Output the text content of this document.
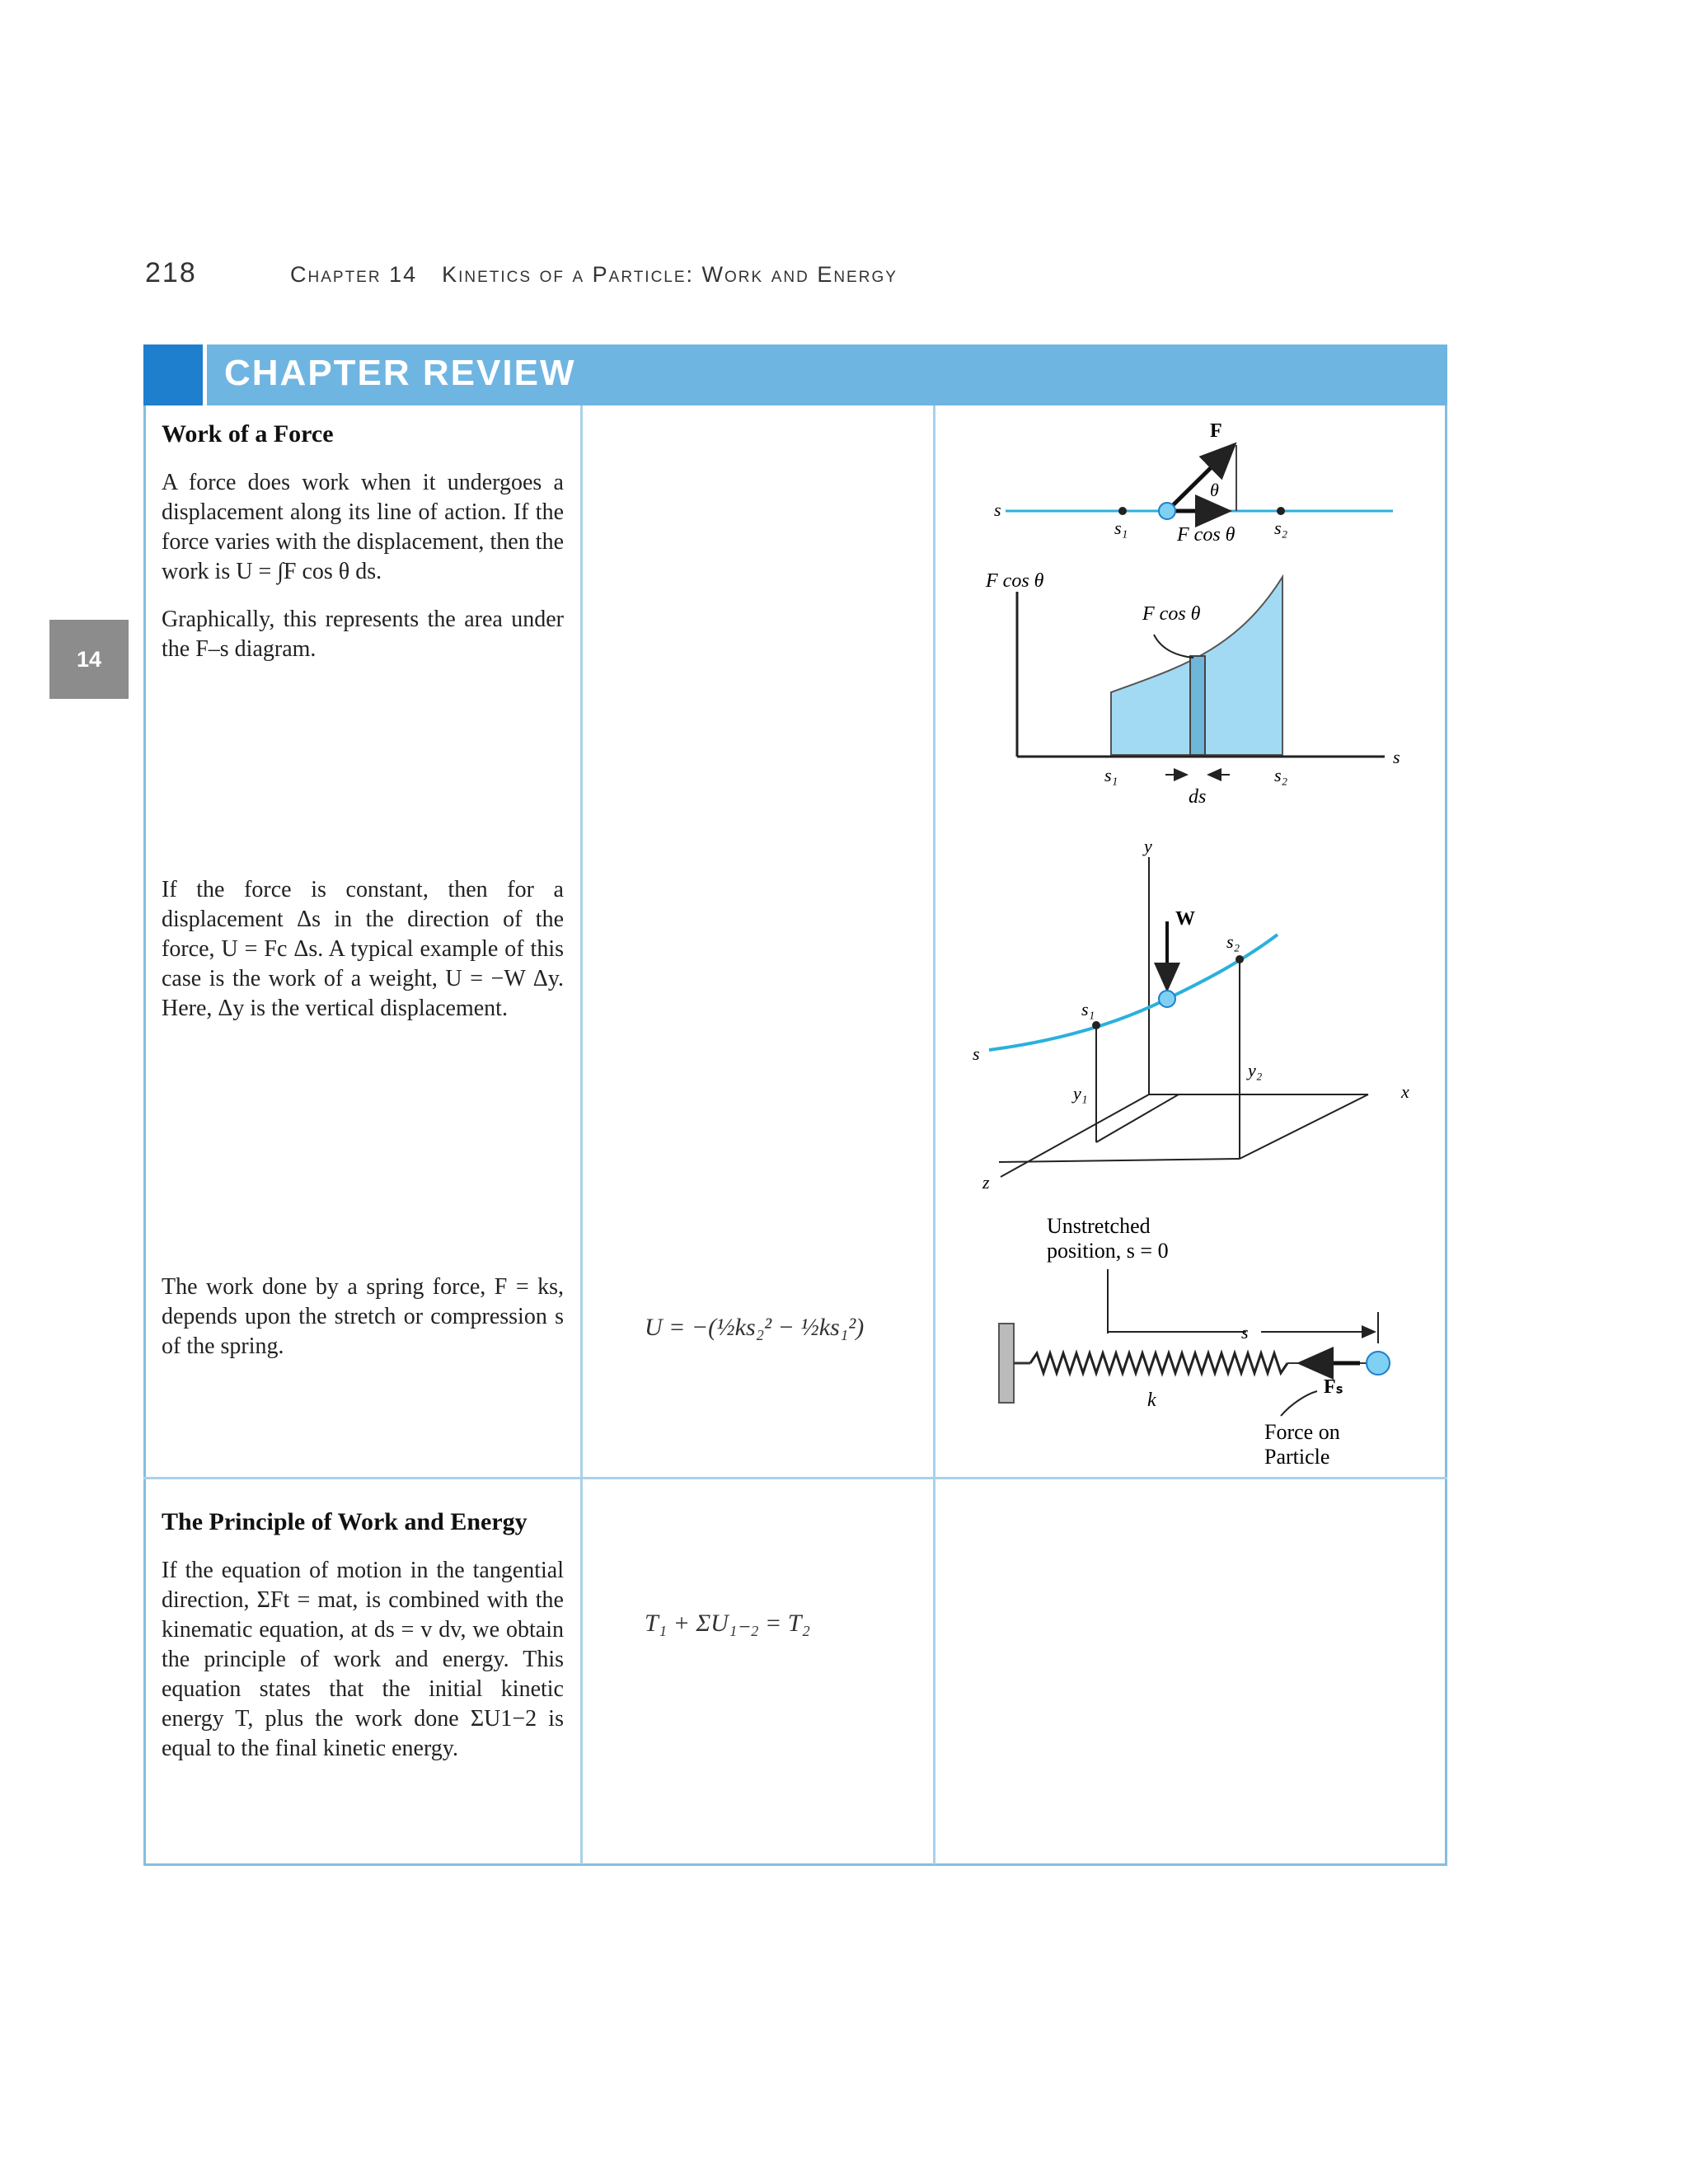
218	Chapter 14 Kinetics of a Particle: Work and Energy
14
CHAPTER REVIEW
Work of a Force
A force does work when it undergoes a displacement along its line of action. If the force varies with the displacement, then the work is U = ∫F cos θ ds.
Graphically, this represents the area under the F–s diagram.
If the force is constant, then for a displacement Δs in the direction of the force, U = Fc Δs. A typical example of this case is the work of a weight, U = −W Δy. Here, Δy is the vertical displacement.
The work done by a spring force, F = ks, depends upon the stretch or compression s of the spring.
U = −(½ks₂² − ½ks₁²)
The Principle of Work and Energy
If the equation of motion in the tangential direction, ΣFt = mat, is combined with the kinematic equation, at ds = v dv, we obtain the principle of work and energy. This equation states that the initial kinetic energy T, plus the work done ΣU1−2 is equal to the final kinetic energy.
T₁ + ΣU₁₋₂ = T₂
F
θ
s
s₁	s₂
F cos θ
F cos θ
F cos θ
s
s₁	s₂
ds
y
W
s
s₁
s₂
y₁
y₂
x
z
Unstretched
position, s = 0
s
k
Fₛ
Force on
Particle
